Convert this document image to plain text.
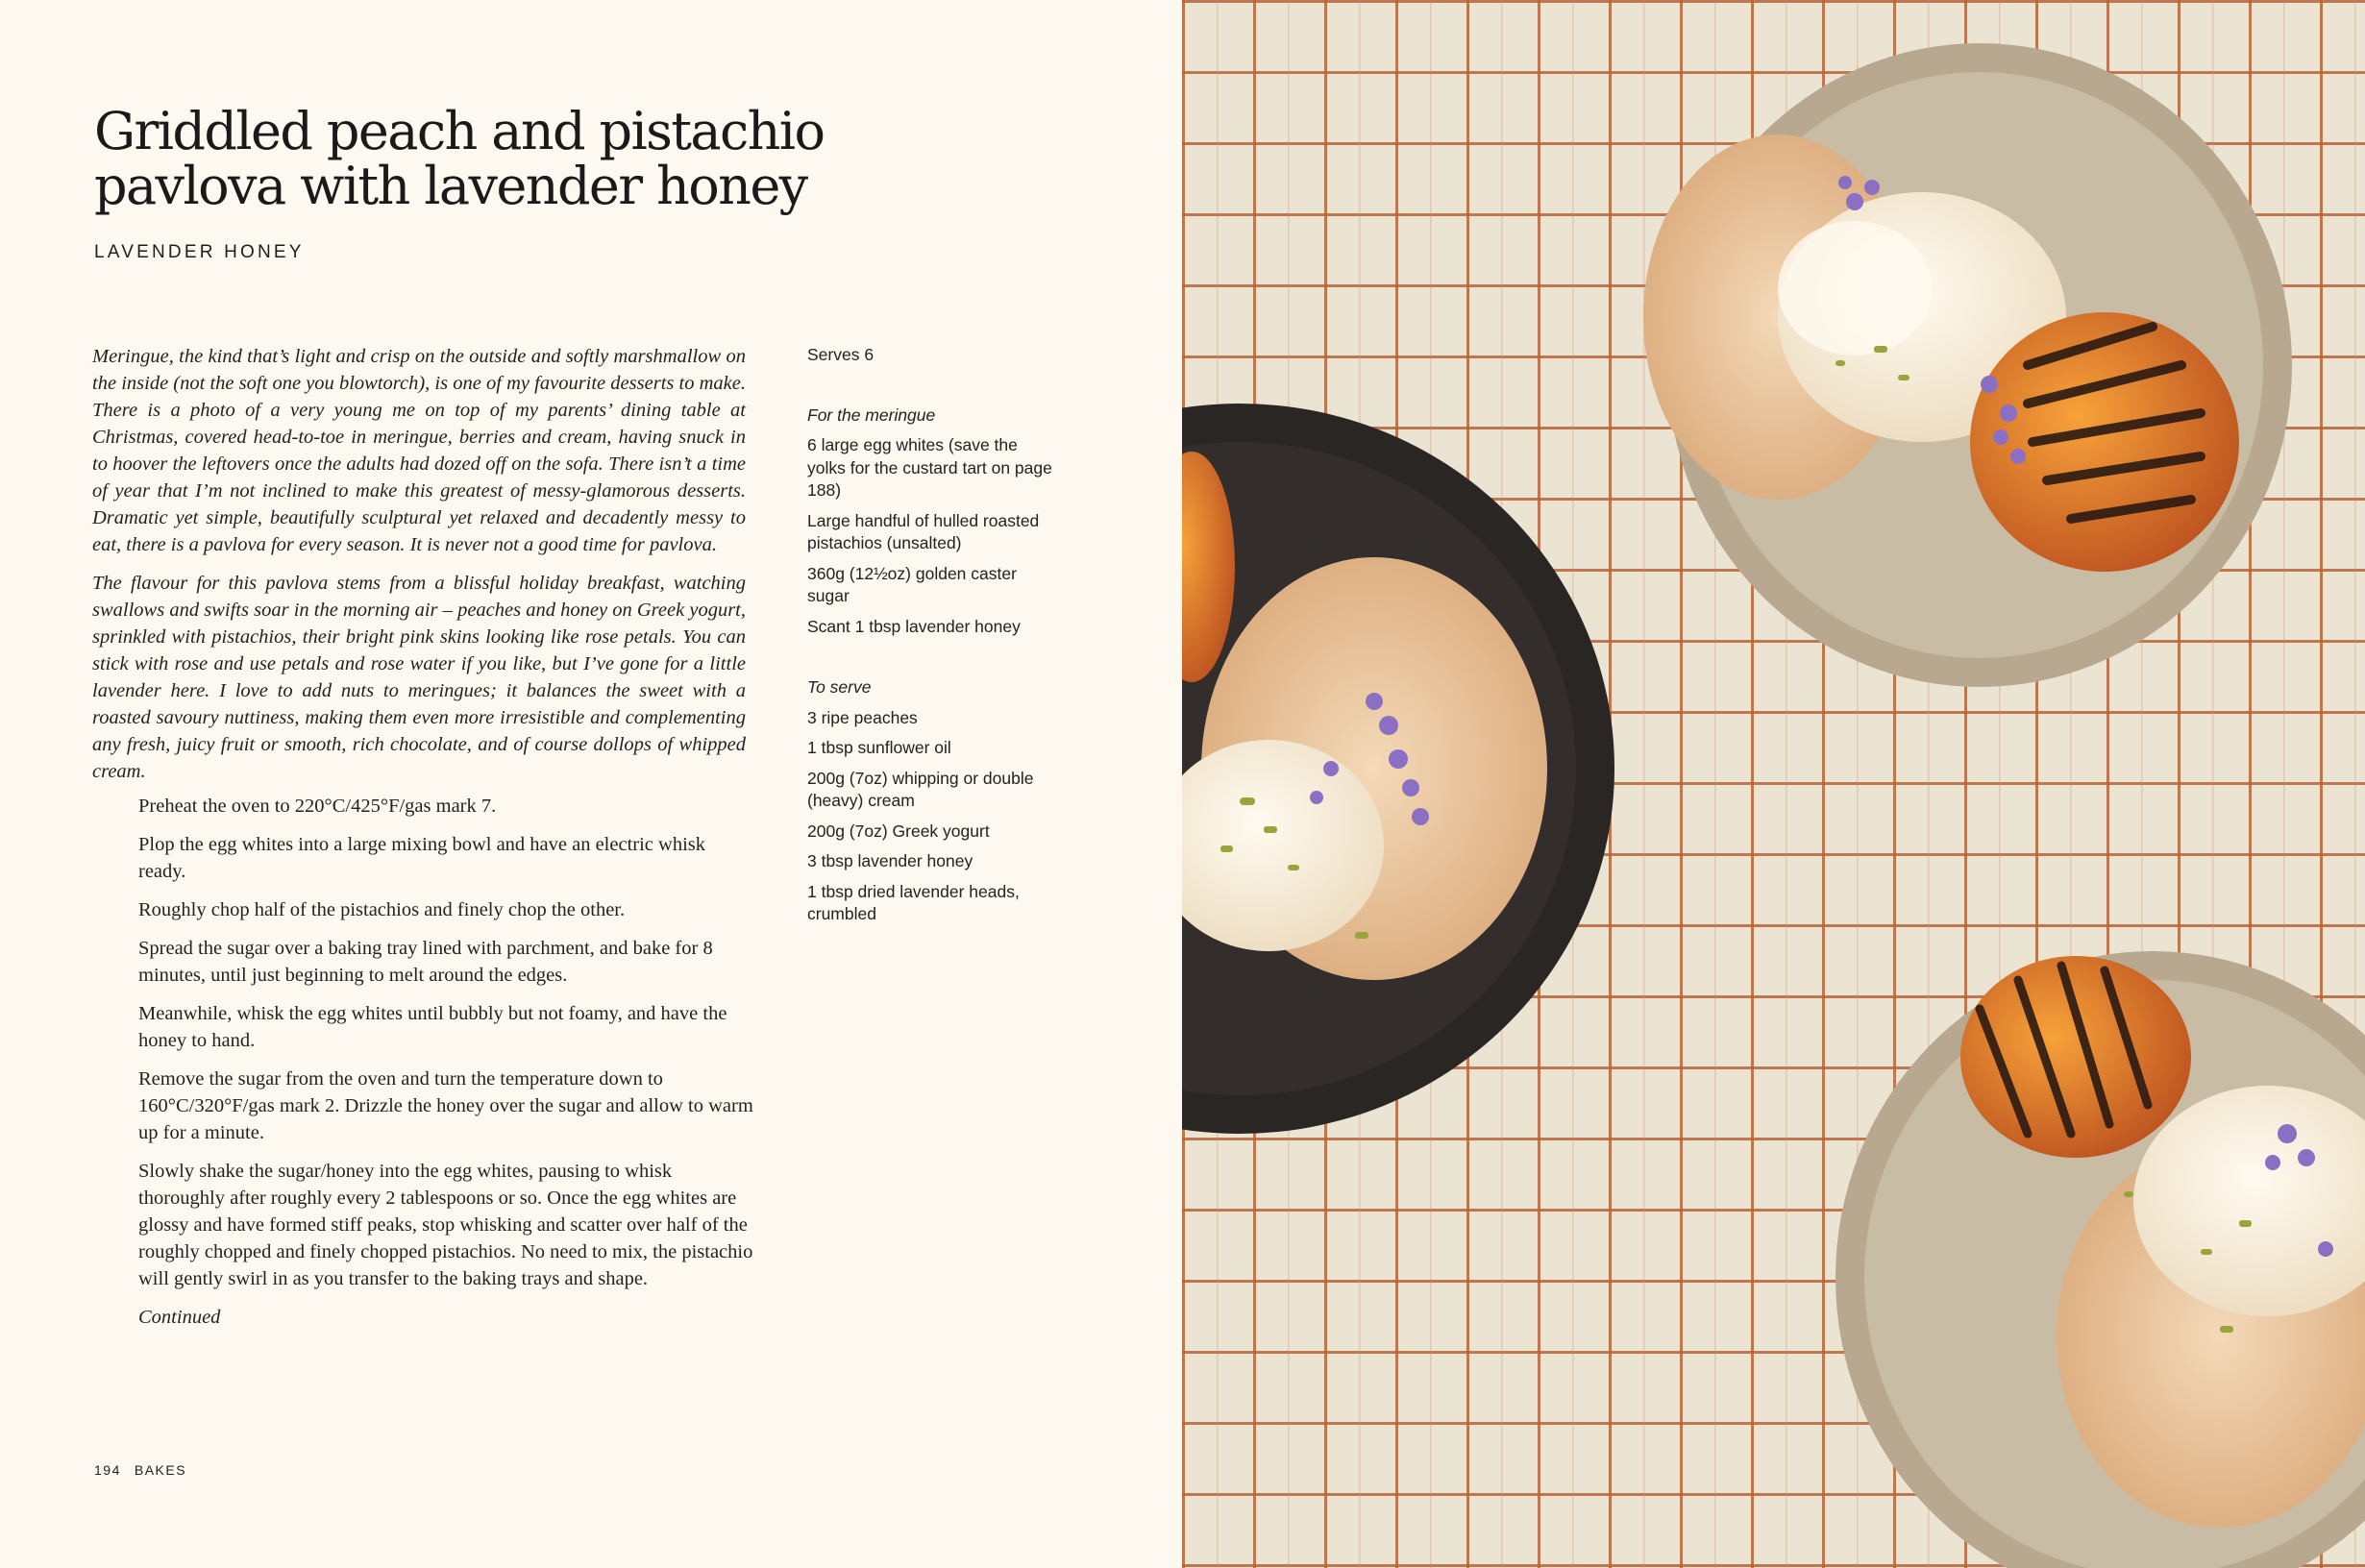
Griddled peach and pistachio pavlova with lavender honey
LAVENDER HONEY

Meringue, the kind that’s light and crisp on the outside and softly marshmallow on the inside (not the soft one you blowtorch), is one of my favourite desserts to make. There is a photo of a very young me on top of my parents’ dining table at Christmas, covered head-to-toe in meringue, berries and cream, having snuck in to hoover the leftovers once the adults had dozed off on the sofa. There isn’t a time of year that I’m not inclined to make this greatest of messy-glamorous desserts. Dramatic yet simple, beautifully sculptural yet relaxed and decadently messy to eat, there is a pavlova for every season. It is never not a good time for pavlova.

The flavour for this pavlova stems from a blissful holiday breakfast, watching swallows and swifts soar in the morning air – peaches and honey on Greek yogurt, sprinkled with pistachios, their bright pink skins looking like rose petals. You can stick with rose and use petals and rose water if you like, but I’ve gone for a little lavender here. I love to add nuts to meringues; it balances the sweet with a roasted savoury nuttiness, making them even more irresistible and complementing any fresh, juicy fruit or smooth, rich chocolate, and of course dollops of whipped cream.

Preheat the oven to 220°C/425°F/gas mark 7.

Plop the egg whites into a large mixing bowl and have an electric whisk ready.

Roughly chop half of the pistachios and finely chop the other.

Spread the sugar over a baking tray lined with parchment, and bake for 8 minutes, until just beginning to melt around the edges.

Meanwhile, whisk the egg whites until bubbly but not foamy, and have the honey to hand.

Remove the sugar from the oven and turn the temperature down to 160°C/320°F/gas mark 2. Drizzle the honey over the sugar and allow to warm up for a minute.

Slowly shake the sugar/honey into the egg whites, pausing to whisk thoroughly after roughly every 2 tablespoons or so. Once the egg whites are glossy and have formed stiff peaks, stop whisking and scatter over half of the roughly chopped and finely chopped pistachios. No need to mix, the pistachio will gently swirl in as you transfer to the baking trays and shape.

Continued

Serves 6
For the meringue
6 large egg whites (save the yolks for the custard tart on page 188)
Large handful of hulled roasted pistachios (unsalted)
360g (12½oz) golden caster sugar
Scant 1 tbsp lavender honey
To serve
3 ripe peaches
1 tbsp sunflower oil
200g (7oz) whipping or double (heavy) cream
200g (7oz) Greek yogurt
3 tbsp lavender honey
1 tbsp dried lavender heads, crumbled
194 BAKES
